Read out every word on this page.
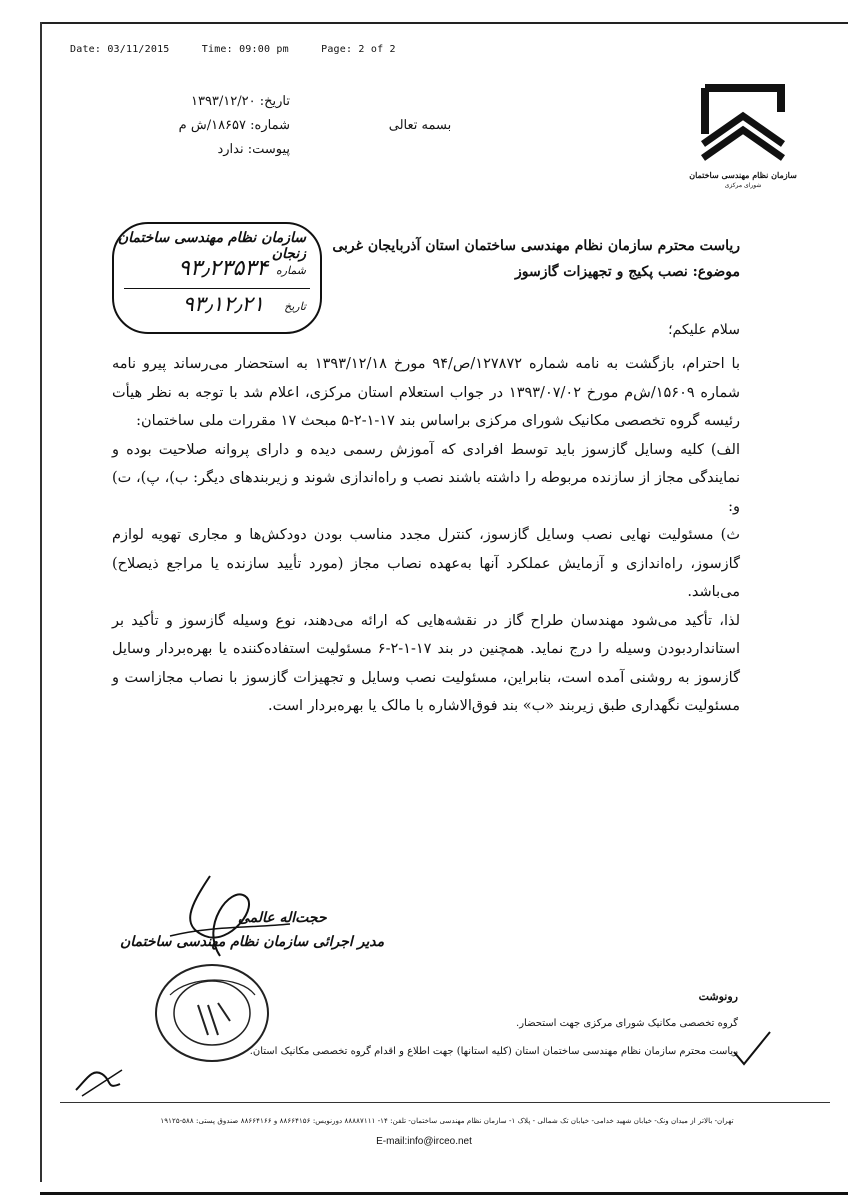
Date: 03/11/2015	Time: 09:00 pm	Page: 2 of 2
تاریخ: ۱۳۹۳/۱۲/۲۰
شماره: ۱۸۶۵۷/ش م
پیوست: ندارد
بسمه تعالی
سازمان نظام مهندسی ساختمان
شورای مرکزی
سازمان نظام مهندسی ساختمان زنجان
شماره
۹۳٫۲۳۵۳۴
تاریخ
۹۳٫۱۲٫۲۱
ریاست محترم سازمان نظام مهندسی ساختمان استان آذربایجان غربی
موضوع: نصب پکیج و تجهیزات گازسوز
سلام علیکم؛

با احترام، بازگشت به نامه شماره ۱۲۷۸۷۲/ص/۹۴ مورخ ۱۳۹۳/۱۲/۱۸ به استحضار می‌رساند پیرو نامه شماره ۱۵۶۰۹/ش‌م مورخ ۱۳۹۳/۰۷/۰۲ در جواب استعلام استان مرکزی، اعلام شد با توجه به نظر هیأت رئیسه گروه تخصصی مکانیک شورای مرکزی براساس بند ۱۷-۱-۲-۵ مبحث ۱۷ مقررات ملی ساختمان:

الف) کلیه وسایل گازسوز باید توسط افرادی که آموزش رسمی دیده و دارای پروانه صلاحیت بوده و نمایندگی مجاز از سازنده مربوطه را داشته باشند نصب و راه‌اندازی شوند و زیربندهای دیگر: ب)، پ)، ت) و:

ث) مسئولیت نهایی نصب وسایل گازسوز، کنترل مجدد مناسب بودن دودکش‌ها و مجاری تهویه لوازم گازسوز، راه‌اندازی و آزمایش عملکرد آنها به‌عهده نصاب مجاز (مورد تأیید سازنده یا مراجع ذیصلاح) می‌باشد.

لذا، تأکید می‌شود مهندسان طراح گاز در نقشه‌هایی که ارائه می‌دهند، نوع وسیله گازسوز و تأکید بر استانداردبودن وسیله را درج نماید. همچنین در بند ۱۷-۱-۲-۶ مسئولیت استفاده‌کننده یا بهره‌بردار وسایل گازسوز به روشنی آمده است، بنابراین، مسئولیت نصب وسایل و تجهیزات گازسوز با نصاب مجازاست و مسئولیت نگهداری طبق زیربند «ب» بند فوق‌الاشاره با مالک یا بهره‌بردار است.

حجت‌اله عالمی
مدیر اجرائی سازمان نظام مهندسی ساختمان
رونوشت
گروه تخصصی مکانیک شورای مرکزی جهت استحضار.
ریاست محترم سازمان نظام مهندسی ساختمان استان (کلیه استانها) جهت اطلاع و اقدام گروه تخصصی مکانیک استان.
تهران- بالاتر از میدان ونک- خیابان شهید خدامی- خیابان تک شمالی - پلاک ۱- سازمان نظام مهندسی ساختمان- تلفن: ۱۴- ۸۸۸۸۷۱۱۱ دورنویس: ۸۸۶۶۴۱۵۶ و ۸۸۶۶۴۱۶۶ صندوق پستی: ۵۸۸-۱۹۱۲۵
E-mail:info@irceo.net
